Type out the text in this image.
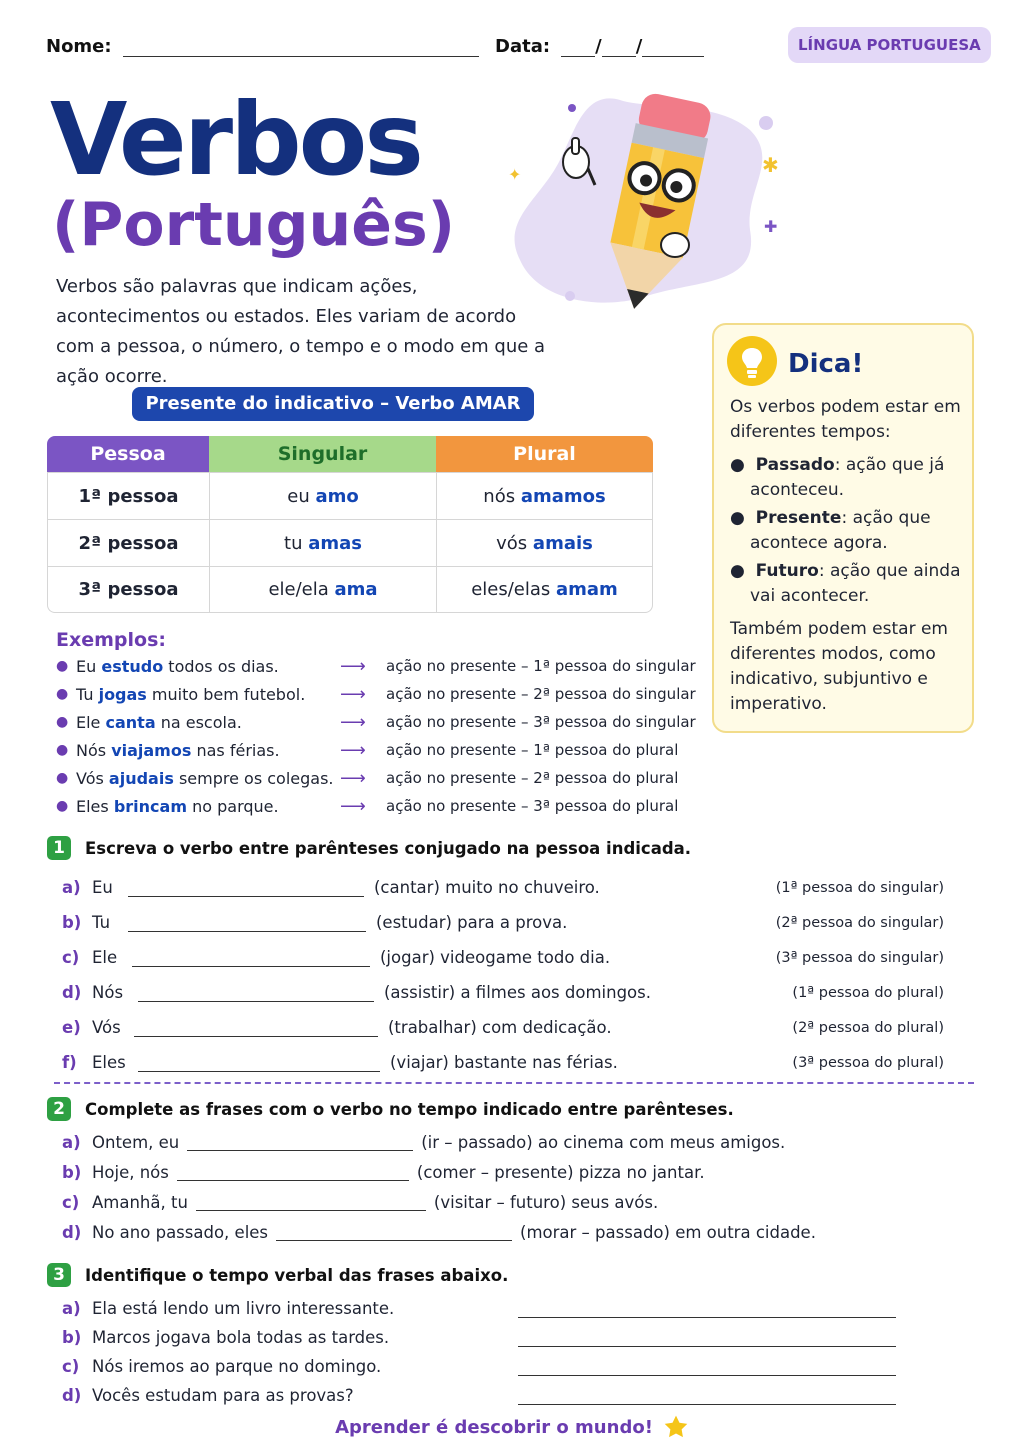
Nome:	Data:	/ /	LÍNGUA PORTUGUESA
Verbos
(Português)
Verbos são palavras que indicam ações, acontecimentos ou estados. Eles variam de acordo com a pessoa, o número, o tempo e o modo em que a ação ocorre.
✦	✱
✚
Presente do indicativo – Verbo AMAR
Pessoa	Singular	Plural
1ª pessoa	eu amo	nós amamos
2ª pessoa	tu amas	vós amais
3ª pessoa	ele/ela ama	eles/elas amam
Exemplos:
● Eu estudo todos os dias.	⟶	ação no presente – 1ª pessoa do singular
● Tu jogas muito bem futebol.	⟶	ação no presente – 2ª pessoa do singular
● Ele canta na escola.	⟶	ação no presente – 3ª pessoa do singular
● Nós viajamos nas férias.	⟶	ação no presente – 1ª pessoa do plural
● Vós ajudais sempre os colegas. ⟶	ação no presente – 2ª pessoa do plural
● Eles brincam no parque.	⟶	ação no presente – 3ª pessoa do plural
Dica!

Os verbos podem estar em diferentes tempos:

●  Passado: ação que já aconteceu.
●  Presente: ação que acontece agora.
●  Futuro: ação que ainda vai acontecer.

Também podem estar em diferentes modos, como indicativo, subjuntivo e imperativo.

1	Escreva o verbo entre parênteses conjugado na pessoa indicada.
a) Eu	(cantar) muito no chuveiro.	(1ª pessoa do singular)
b) Tu	(estudar) para a prova.	(2ª pessoa do singular)
c) Ele	(jogar) videogame todo dia.	(3ª pessoa do singular)
d) Nós	(assistir) a filmes aos domingos.	(1ª pessoa do plural)
e) Vós	(trabalhar) com dedicação.	(2ª pessoa do plural)
f) Eles	(viajar) bastante nas férias.	(3ª pessoa do plural)
2	Complete as frases com o verbo no tempo indicado entre parênteses.
a) Ontem, eu	(ir – passado) ao cinema com meus amigos.
b) Hoje, nós	(comer – presente) pizza no jantar.
c) Amanhã, tu	(visitar – futuro) seus avós.
d) No ano passado, eles	(morar – passado) em outra cidade.
3	Identifique o tempo verbal das frases abaixo.
a) Ela está lendo um livro interessante.
b) Marcos jogava bola todas as tardes.
c) Nós iremos ao parque no domingo.
d) Vocês estudam para as provas?
Aprender é descobrir o mundo!
